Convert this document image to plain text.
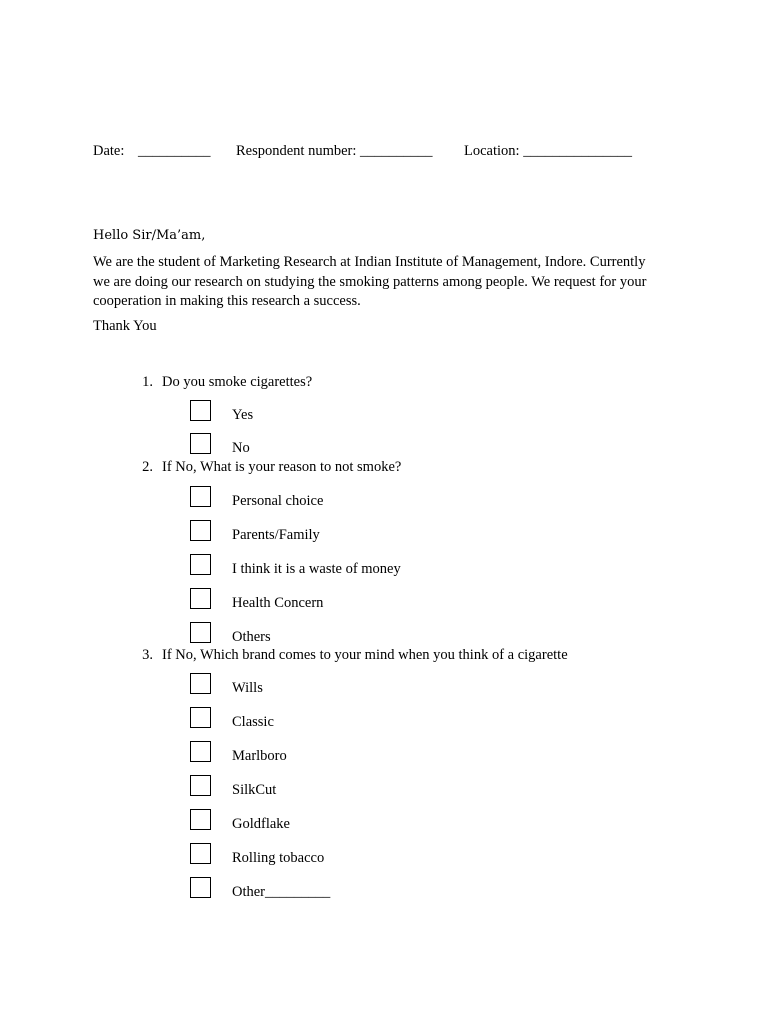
Date: __________ Respondent number: __________ Location: _______________
Hello Sir/Ma’am,
We are the student of Marketing Research at Indian Institute of Management, Indore. Currently we are doing our research on studying the smoking patterns among people. We request for your cooperation in making this research a success.
Thank You
1. Do you smoke cigarettes?
Yes
No
2. If No, What is your reason to not smoke?
Personal choice
Parents/Family
I think it is a waste of money
Health Concern
Others
3. If No, Which brand comes to your mind when you think of a cigarette
Wills
Classic
Marlboro
SilkCut
Goldflake
Rolling tobacco
Other_________
